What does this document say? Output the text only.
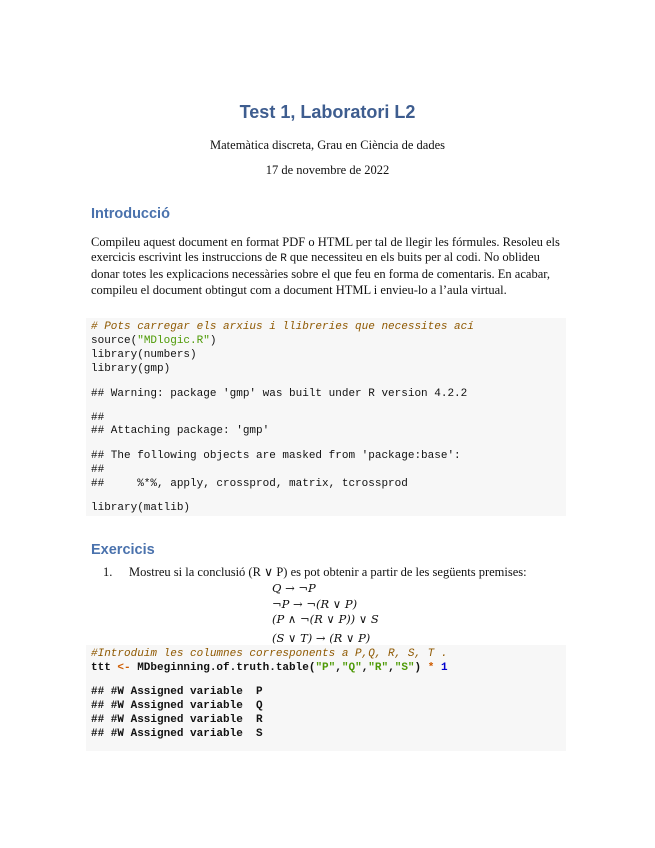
Test 1, Laboratori L2
Matemàtica discreta, Grau en Ciència de dades
17 de novembre de 2022
Introducció
Compileu aquest document en format PDF o HTML per tal de llegir les fórmules. Resoleu els exercicis escrivint les instruccions de R que necessiteu en els buits per al codi. No oblideu donar totes les explicacions necessàries sobre el que feu en forma de comentaris. En acabar, compileu el document obtingut com a document HTML i envieu-lo a l’aula virtual.
# Pots carregar els arxius i llibreries que necessites ací
source("MDlogic.R")
library(numbers)
library(gmp)
## Warning: package 'gmp' was built under R version 4.2.2
##
## Attaching package: 'gmp'
## The following objects are masked from 'package:base':
##
##     %*%, apply, crossprod, matrix, tcrossprod
library(matlib)
Exercicis
1. Mostreu si la conclusió (R ∨ P) es pot obtenir a partir de les següents premises:
Q → ¬P
¬P → ¬(R ∨ P)
(P ∧ ¬(R ∨ P)) ∨ S
(S ∨ T) → (R ∨ P)
#Introduim les columnes corresponents a P,Q, R, S, T .
ttt <- MDbeginning.of.truth.table("P","Q","R","S") * 1
## #W Assigned variable  P
## #W Assigned variable  Q
## #W Assigned variable  R
## #W Assigned variable  S
